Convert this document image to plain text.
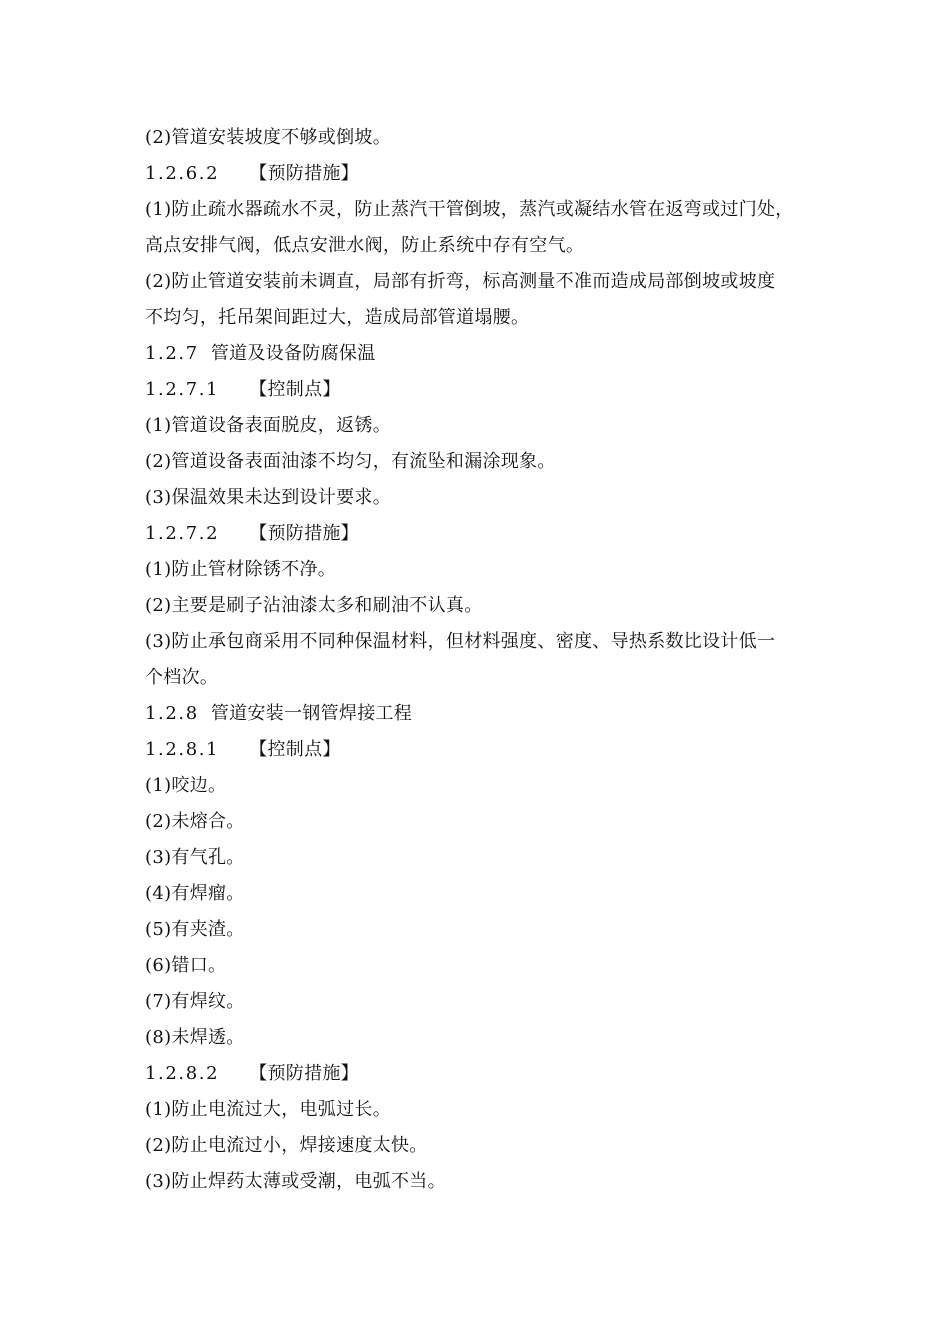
(2)管道安装坡度不够或倒坡。
1.2.6.2 【预防措施】
(1)防止疏水器疏水不灵，防止蒸汽干管倒坡，蒸汽或凝结水管在返弯或过门处，
高点安排气阀，低点安泄水阀，防止系统中存有空气。
(2)防止管道安装前未调直，局部有折弯，标高测量不准而造成局部倒坡或坡度
不均匀，托吊架间距过大，造成局部管道塌腰。
1.2.7 管道及设备防腐保温
1.2.7.1 【控制点】
(1)管道设备表面脱皮，返锈。
(2)管道设备表面油漆不均匀，有流坠和漏涂现象。
(3)保温效果未达到设计要求。
1.2.7.2 【预防措施】
(1)防止管材除锈不净。
(2)主要是刷子沾油漆太多和刷油不认真。
(3)防止承包商采用不同种保温材料，但材料强度、密度、导热系数比设计低一
个档次。
1.2.8 管道安装一钢管焊接工程
1.2.8.1 【控制点】
(1)咬边。
(2)未熔合。
(3)有气孔。
(4)有焊瘤。
(5)有夹渣。
(6)错口。
(7)有焊纹。
(8)未焊透。
1.2.8.2 【预防措施】
(1)防止电流过大，电弧过长。
(2)防止电流过小，焊接速度太快。
(3)防止焊药太薄或受潮，电弧不当。
